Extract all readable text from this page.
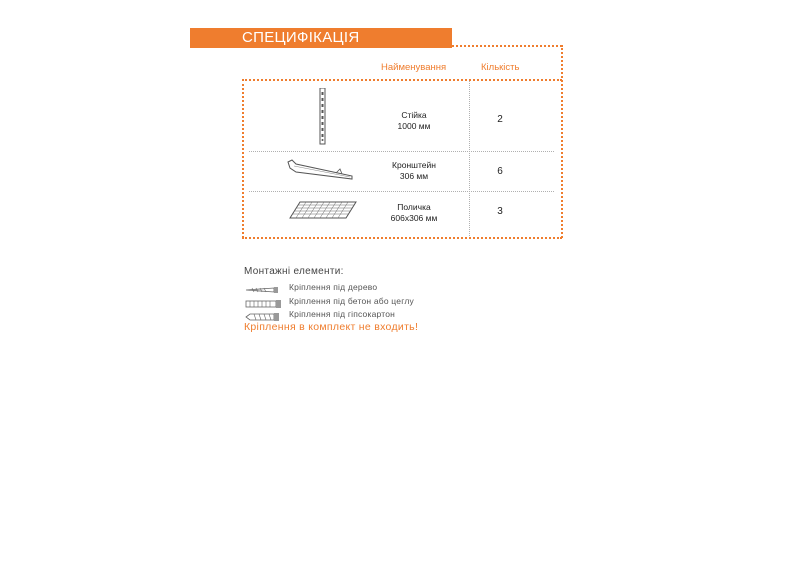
СПЕЦИФІКАЦІЯ
Найменування	Кількість
Стійка
1000 мм
2
Кронштейн
306 мм	6
Поличка
606х306 мм
3
Монтажні елементи:
Кріплення під дерево
Кріплення під бетон або цеглу
Кріплення під гіпсокартон
Кріплення в комплект не входить!
